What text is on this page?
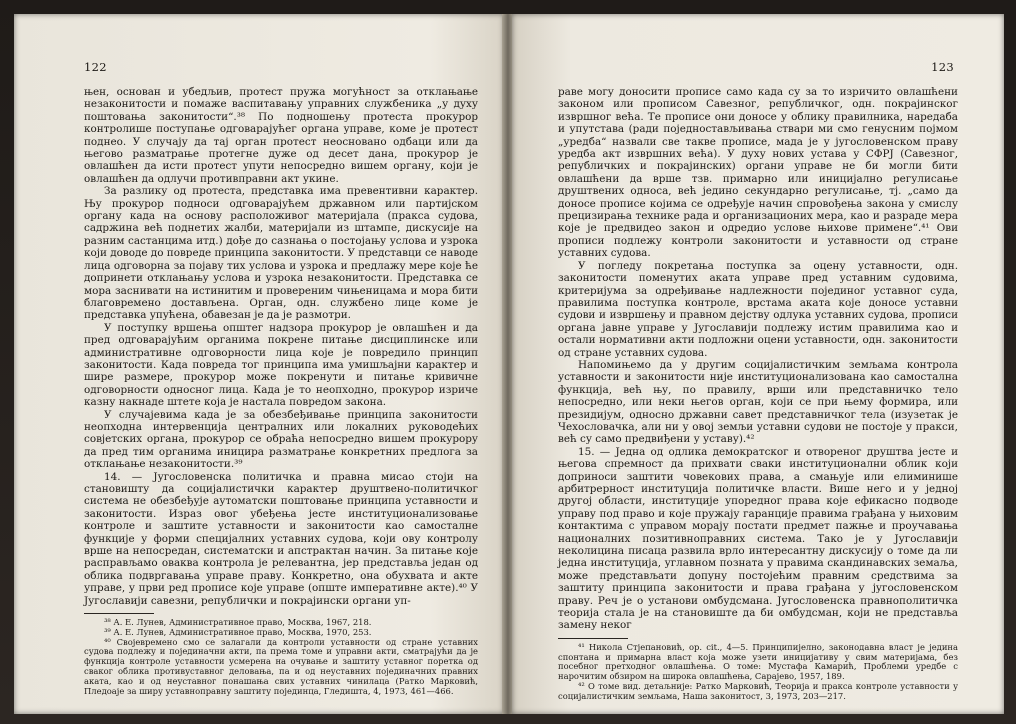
122

њен, основан и убедљив, протест пружа могућност за отклањање незаконитости и помаже васпитавању управних службеника „у духу поштовања законитости“.³⁸ По подношењу протеста прокурор контролише поступање одговарајућег органа управе, коме је протест поднео. У случају да тај орган протест неосновано одбаци или да његово разматрање протегне дуже од десет дана, прокурор је овлашћен да исти протест упути непосредно вишем органу, који је овлашћен да одлучи противправни акт укине.

За разлику од протеста, представка има превентивни карактер. Њу прокурор подноси одговарајућем државном или партијском органу када на основу расположивог материјала (пракса судова, садржина већ поднетих жалби, материјали из штампе, дискусије на разним састанцима итд.) дође до сазнања о постојању услова и узрока који доводе до повреде принципа законитости. У представци се наводе лица одговорна за појаву тих услова и узрока и предлажу мере које ће допринети отклањању услова и узрока незаконитости. Представка се мора заснивати на истинитим и провереним чињеницама и мора бити благовремено достављена. Орган, одн. службено лице коме је представка упућена, обавезан је да је размотри.

У поступку вршења општег надзора прокурор је овлашћен и да пред одговарајућим органима покрене питање дисциплинске или административне одговорности лица које је повредило принцип законитости. Када повреда тог принципа има умишљајни карактер и шире размере, прокурор може покренути и питање кривичне одговорности односног лица. Када је то неопходно, прокурор изриче казну накнаде штете која је настала повредом закона.

У случајевима када је за обезбеђивање принципа законитости неопходна интервенција централних или локалних руководећих совјетских органа, прокурор се обраћа непосредно вишем прокурору да пред тим органима иницира разматрање конкретних предлога за отклањање незаконитости.³⁹

14. — Југословенска политичка и правна мисао стоји на становишту да социјалистички карактер друштвено-политичког система не обезбеђује аутоматски поштовање принципа уставности и законитости. Израз овог убеђења јесте институционализовање контроле и заштите уставности и законитости као самосталне функције у форми специјалних уставних судова, који ову контролу врше на непосредан, систематски и апстрактан начин. За питање које расправљамо оваква контрола је релевантна, јер представља један од облика подвргавања управе праву. Конкретно, она обухвата и акте управе, у први ред прописе које управе (опште императивне акте).⁴⁰ У Југославији савезни, републички и покрајински органи уп-

³⁸ А. Е. Лунев, Административное право, Москва, 1967, 218.

³⁹ А. Е. Лунев, Административное право, Москва, 1970, 253.

⁴⁰ Својевремено смо се залагали да контроли уставности од стране уставних судова подлежу и појединачни акти, па према томе и управни акти, сматрајући да је функција контроле уставности усмерена на очување и заштиту уставног поретка од сваког облика противуставног деловања, па и од неуставних појединачних правних аката, као и од неуставног понашања свих уставних чинилаца (Ратко Марковић, Пледоаје за ширу уставноправну заштиту појединца, Гледишта, 4, 1973, 461—466.

123

раве могу доносити прописе само када су за то изричито овлашћени законом или прописом Савезног, републичког, одн. покрајинског извршног већа. Те прописе они доносе у облику правилника, наредаба и упутстава (ради поједностављивања ствари ми смо генусним појмом „уредба“ назвали све такве прописе, мада је у југословенском праву уредба акт извршних већа). У духу нових устава у СФРЈ (Савезног, републичких и покрајинских) органи управе не би могли бити овлашћени да врше тзв. примарно или иницијално регулисање друштвених односа, већ једино секундарно регулисање, тј. „само да доносе прописе којима се одређује начин спровођења закона у смислу прецизирања технике рада и организационих мера, као и разраде мера које је предвидео закон и одредио услове њихове примене“.⁴¹ Ови прописи подлежу контроли законитости и уставности од стране уставних судова.

У погледу покретања поступка за оцену уставности, одн. законитости поменутих аката управе пред уставним судовима, критеријума за одређивање надлежности појединог уставног суда, правилима поступка контроле, врстама аката које доносе уставни судови и извршењу и правном дејству одлука уставних судова, прописи органа јавне управе у Југославији подлежу истим правилима као и остали нормативни акти подложни оцени уставности, одн. законитости од стране уставних судова.

Напомињемо да у другим социјалистичким земљама контрола уставности и законитости није институционализована као самостална функција, већ њу, по правилу, врши или представничко тело непосредно, или неки његов орган, који се при њему формира, или президијум, односно државни савет представничког тела (изузетак је Чехословачка, али ни у овој земљи уставни судови не постоје у пракси, већ су само предвиђени у уставу).⁴²

15. — Једна од одлика демократског и отвореног друштва јесте и његова спремност да прихвати сваки институционални облик који доприноси заштити човекових права, а смањује или елиминише арбитрерност институција политичке власти. Више него и у једној другој области, институције упоредног права које ефикасно подводе управу под право и које пружају гаранције правима грађана у њиховим контактима с управом морају постати предмет пажње и проучавања националних позитивноправних система. Тако је у Југославији неколицина писаца развила врло интересантну дискусију о томе да ли једна институција, углавном позната у правима скандинавских земаља, може представљати допуну постојећим правним средствима за заштиту принципа законитости и права грађана у југословенском праву. Реч је о установи омбудсмана. Југословенска правнополитичка теорија стала је на становиште да би омбудсман, који не представља замену неког

⁴¹ Никола Стјепановић, op. cit., 4—5. Принципијелно, законодавна власт је једина спонтана и примарна власт која може узети иницијативу у свим материјама, без посебног претходног овлашћења. О томе: Мустафа Камарић, Проблеми уредбе с нарочитим обзиром на широка овлашћења, Сарајево, 1957, 189.

⁴² О томе вид. детаљније: Ратко Марковић, Теорија и пракса контроле уставности у социјалистичким земљама, Наша законитост, 3, 1973, 203—217.
